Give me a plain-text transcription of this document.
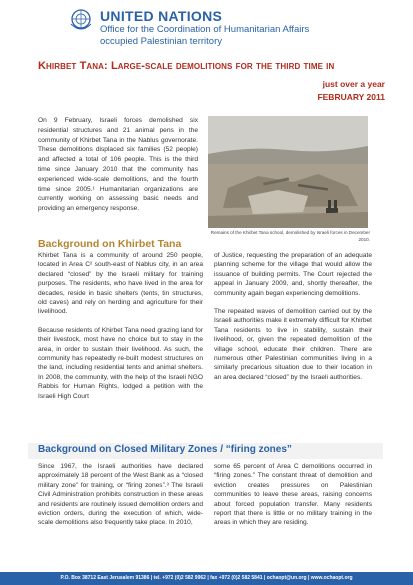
UNITED NATIONS
Office for the Coordination of Humanitarian Affairs
occupied Palestinian territory
Khirbet Tana: Large-scale demolitions for the third time in
just over a year
FEBRUARY 2011
On 9 February, Israeli forces demolished six residential structures and 21 animal pens in the community of Khirbet Tana in the Nablus governorate. These demolitions displaced six families (52 people) and affected a total of 106 people. This is the third time since January 2010 that the community has experienced wide-scale demolitions, and the fourth time since 2005.¹ Humanitarian organizations are currently working on assessing basic needs and providing an emergency response.
Remains of the Khirbet Tana school, demolished by Israeli forces in December 2010.
Background on Khirbet Tana

Khirbet Tana is a community of around 250 people, located in Area C² south-east of Nablus city, in an area declared “closed” by the Israeli military for training purposes. The residents, who have lived in the area for decades, reside in basic shelters (tents, tin structures, old caves) and rely on herding and agriculture for their livelihood.

Because residents of Khirbet Tana need grazing land for their livestock, most have no choice but to stay in the area, in order to sustain their livelihood. As such, the community has repeatedly re-built modest structures on the land, including residential tents and animal shelters. In 2008, the community, with the help of the Israeli NGO Rabbis for Human Rights, lodged a petition with the Israeli High Court

of Justice, requesting the preparation of an adequate planning scheme for the village that would allow the issuance of building permits. The Court rejected the appeal in January 2009, and, shortly thereafter, the community again began experiencing demolitions.

The repeated waves of demolition carried out by the Israeli authorities make it extremely difficult for Khirbet Tana residents to live in stability, sustain their livelihood, or, given the repeated demolition of the village school, educate their children. There are numerous other Palestinian communities living in a similarly precarious situation due to their location in an area declared “closed” by the Israeli authorities.

Background on Closed Military Zones / “firing zones”
Since 1967, the Israeli authorities have declared approximately 18 percent of the West Bank as a “closed military zone” for training, or “firing zones”.³ The Israeli Civil Administration prohibits construction in these areas and residents are routinely issued demolition orders and eviction orders, during the execution of which, wide-scale demolitions also frequently take place. In 2010,
some 65 percent of Area C demolitions occurred in “firing zones.” The constant threat of demolition and eviction creates pressures on Palestinian communities to leave these areas, raising concerns about forced population transfer. Many residents report that there is little or no military training in the areas in which they are residing.
P.O. Box 38712 East Jerusalem 91386 | tel. +972 (0)2 582 9962 | fax +972 (0)2 582 5841 | ochaopt@un.org | www.ochaopt.org
